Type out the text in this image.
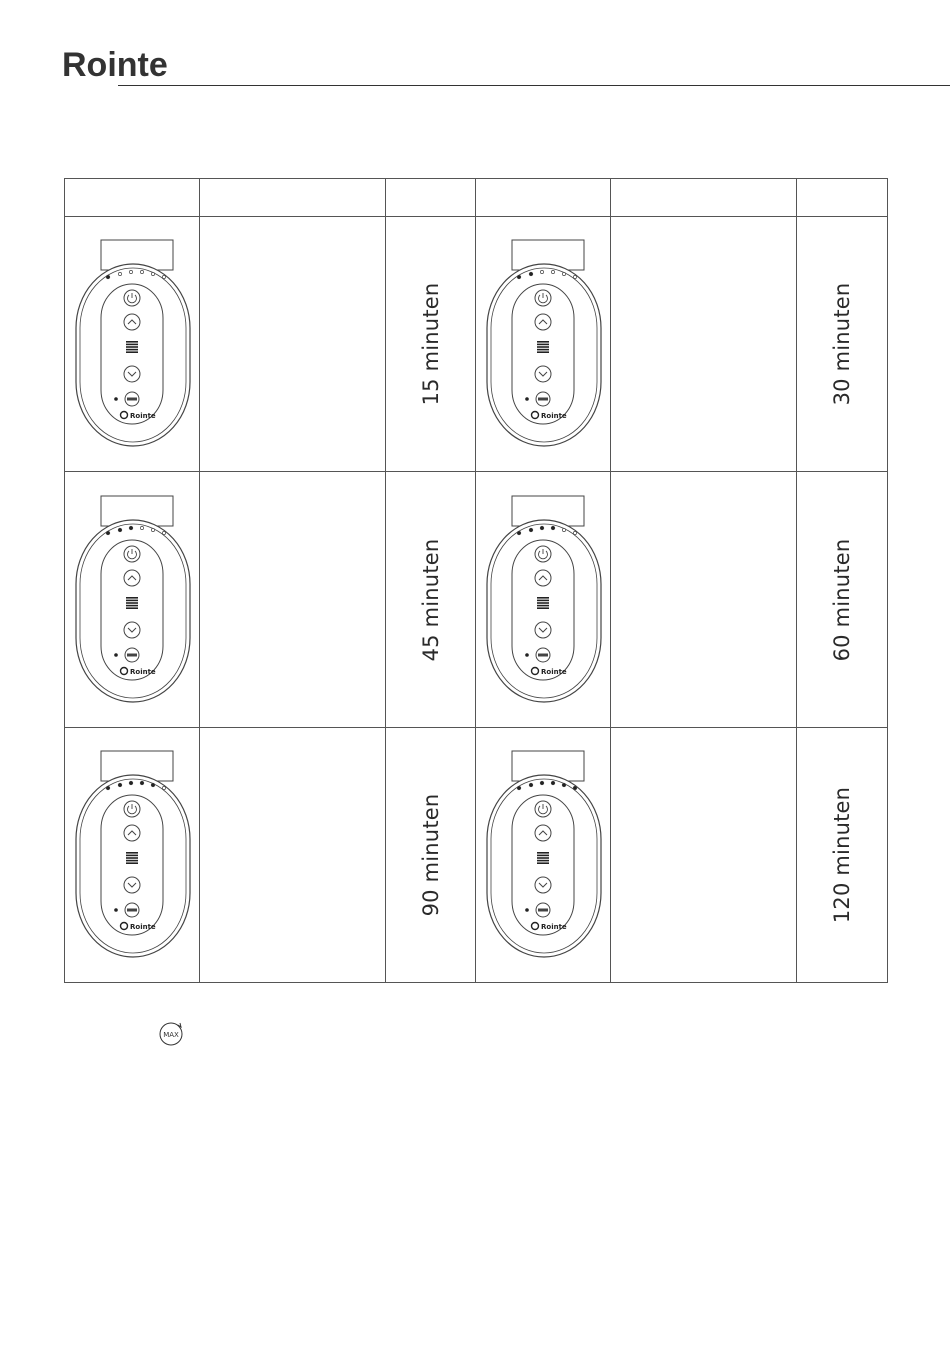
Rointe

Rointe		15 minuten	Rointe		30 minuten

Rointe		45 minuten	Rointe		60 minuten

Rointe		90 minuten	Rointe		120 minuten
MAX
